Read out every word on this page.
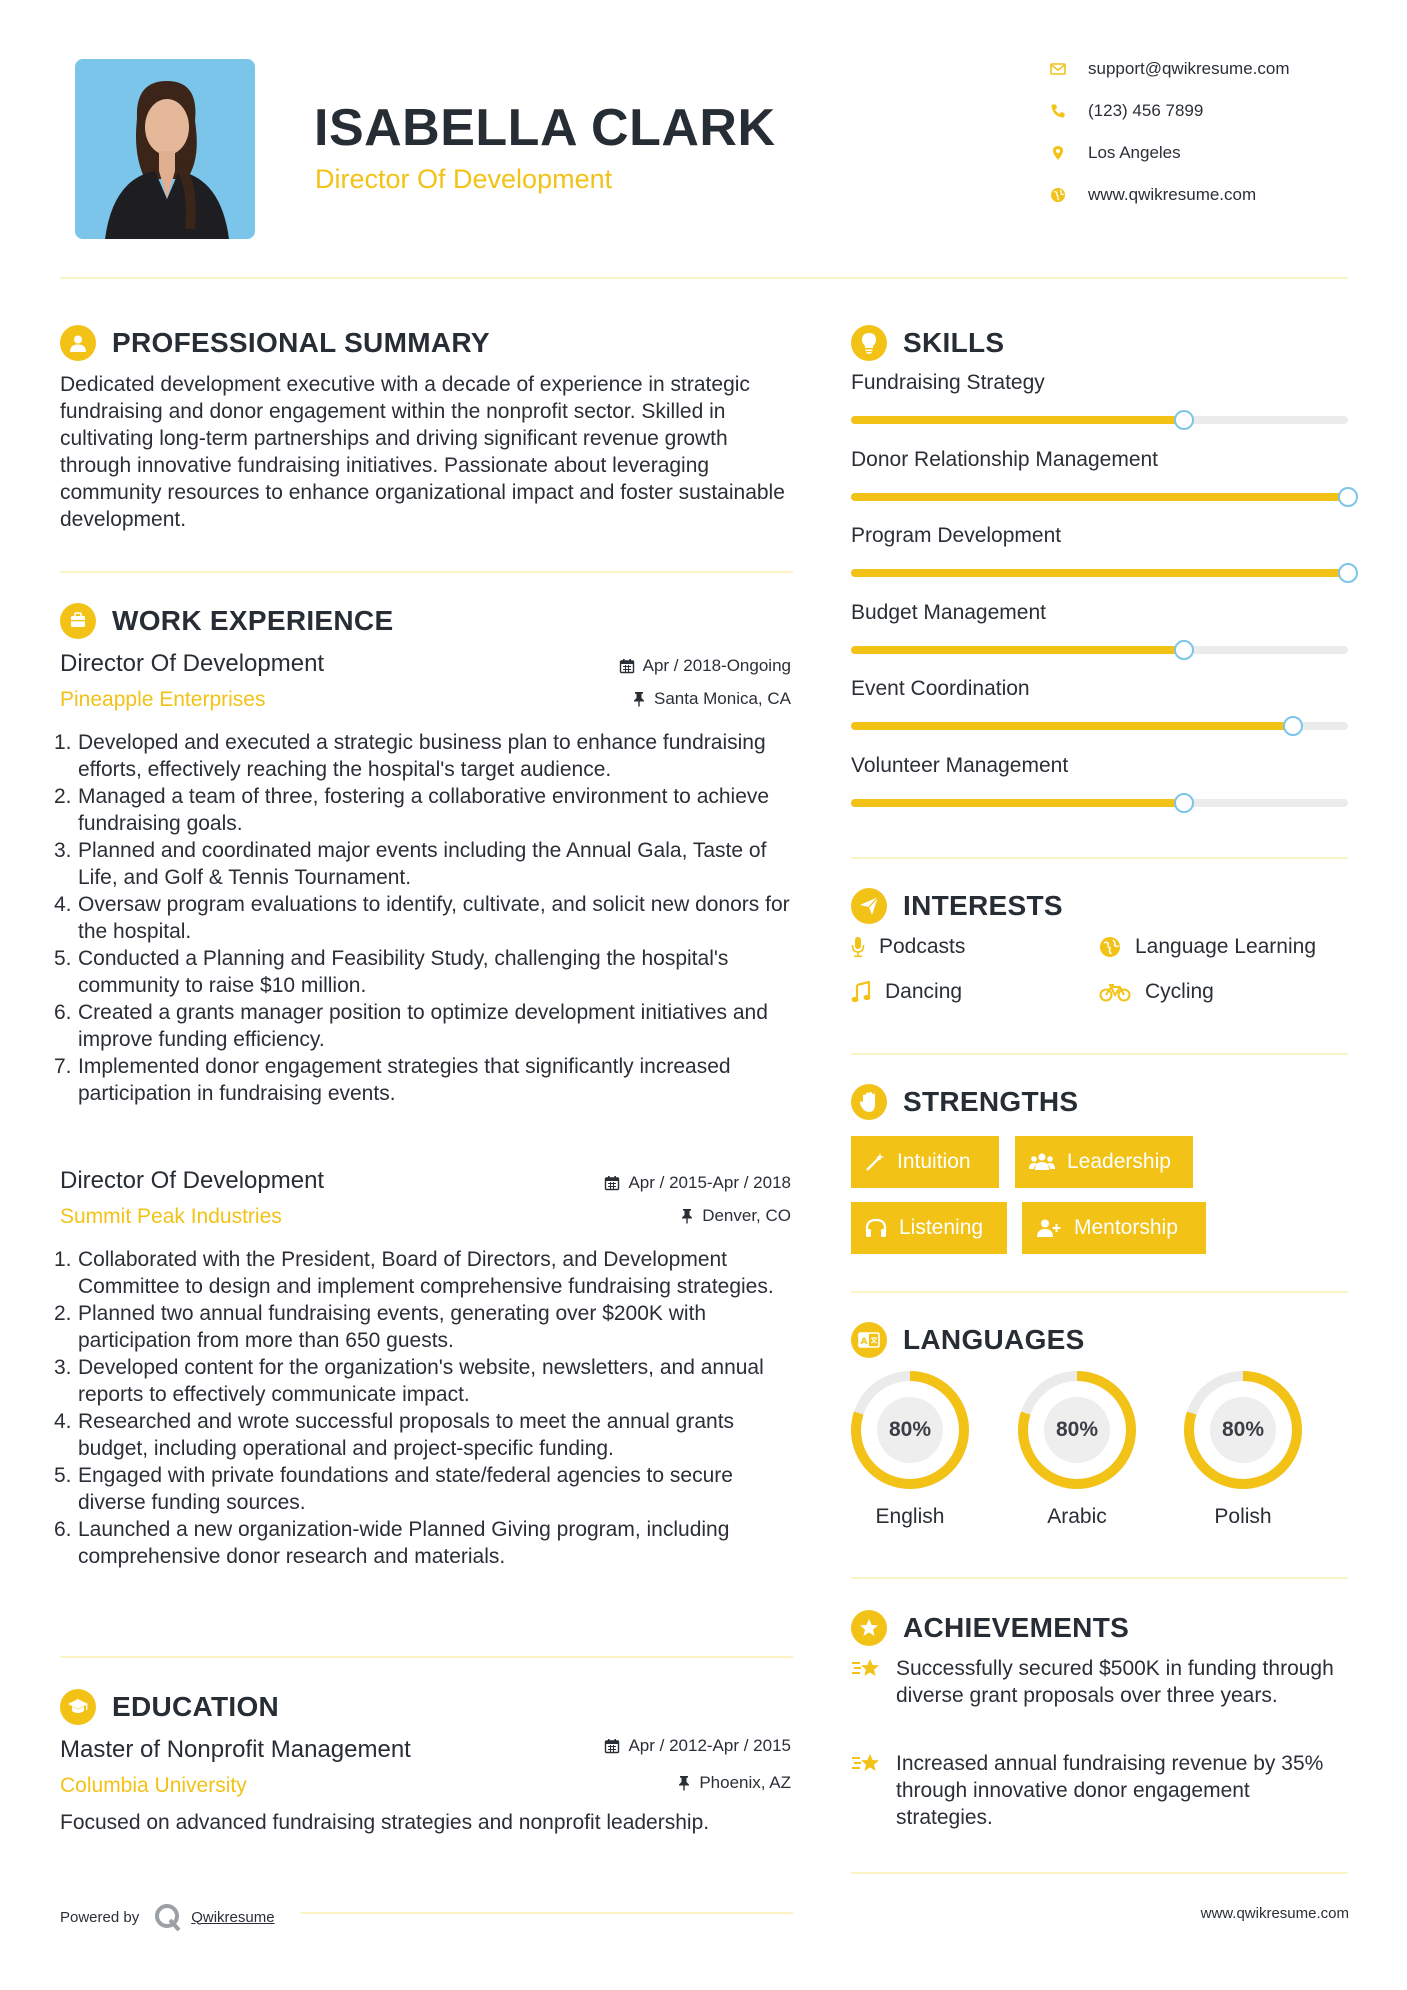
ISABELLA CLARK
Director Of Development
support@qwikresume.com
(123) 456 7899
Los Angeles
www.qwikresume.com
PROFESSIONAL SUMMARY
Dedicated development executive with a decade of experience in strategic fundraising and donor engagement within the nonprofit sector. Skilled in cultivating long-term partnerships and driving significant revenue growth through innovative fundraising initiatives. Passionate about leveraging community resources to enhance organizational impact and foster sustainable development.
WORK EXPERIENCE
Director Of Development
Pineapple Enterprises
Apr / 2018-Ongoing
Santa Monica, CA
1. Developed and executed a strategic business plan to enhance fundraising efforts, effectively reaching the hospital's target audience.
2. Managed a team of three, fostering a collaborative environment to achieve fundraising goals.
3. Planned and coordinated major events including the Annual Gala, Taste of Life, and Golf & Tennis Tournament.
4. Oversaw program evaluations to identify, cultivate, and solicit new donors for the hospital.
5. Conducted a Planning and Feasibility Study, challenging the hospital's community to raise $10 million.
6. Created a grants manager position to optimize development initiatives and improve funding efficiency.
7. Implemented donor engagement strategies that significantly increased participation in fundraising events.
Director Of Development
Summit Peak Industries
Apr / 2015-Apr / 2018
Denver, CO
1. Collaborated with the President, Board of Directors, and Development Committee to design and implement comprehensive fundraising strategies.
2. Planned two annual fundraising events, generating over $200K with participation from more than 650 guests.
3. Developed content for the organization's website, newsletters, and annual reports to effectively communicate impact.
4. Researched and wrote successful proposals to meet the annual grants budget, including operational and project-specific funding.
5. Engaged with private foundations and state/federal agencies to secure diverse funding sources.
6. Launched a new organization-wide Planned Giving program, including comprehensive donor research and materials.
EDUCATION
Master of Nonprofit Management
Columbia University
Apr / 2012-Apr / 2015
Phoenix, AZ
Focused on advanced fundraising strategies and nonprofit leadership.
SKILLS
Fundraising Strategy
Donor Relationship Management
Program Development
Budget Management
Event Coordination
Volunteer Management
INTERESTS
Podcasts	Language Learning
Dancing	Cycling
STRENGTHS
Intuition	Leadership
Listening	Mentorship
A LANGUAGES
80%
English
80%
Arabic
80%
Polish
ACHIEVEMENTS
Successfully secured $500K in funding through diverse grant proposals over three years.
Increased annual fundraising revenue by 35% through innovative donor engagement strategies.
Powered by	Qwikresume	www.qwikresume.com
